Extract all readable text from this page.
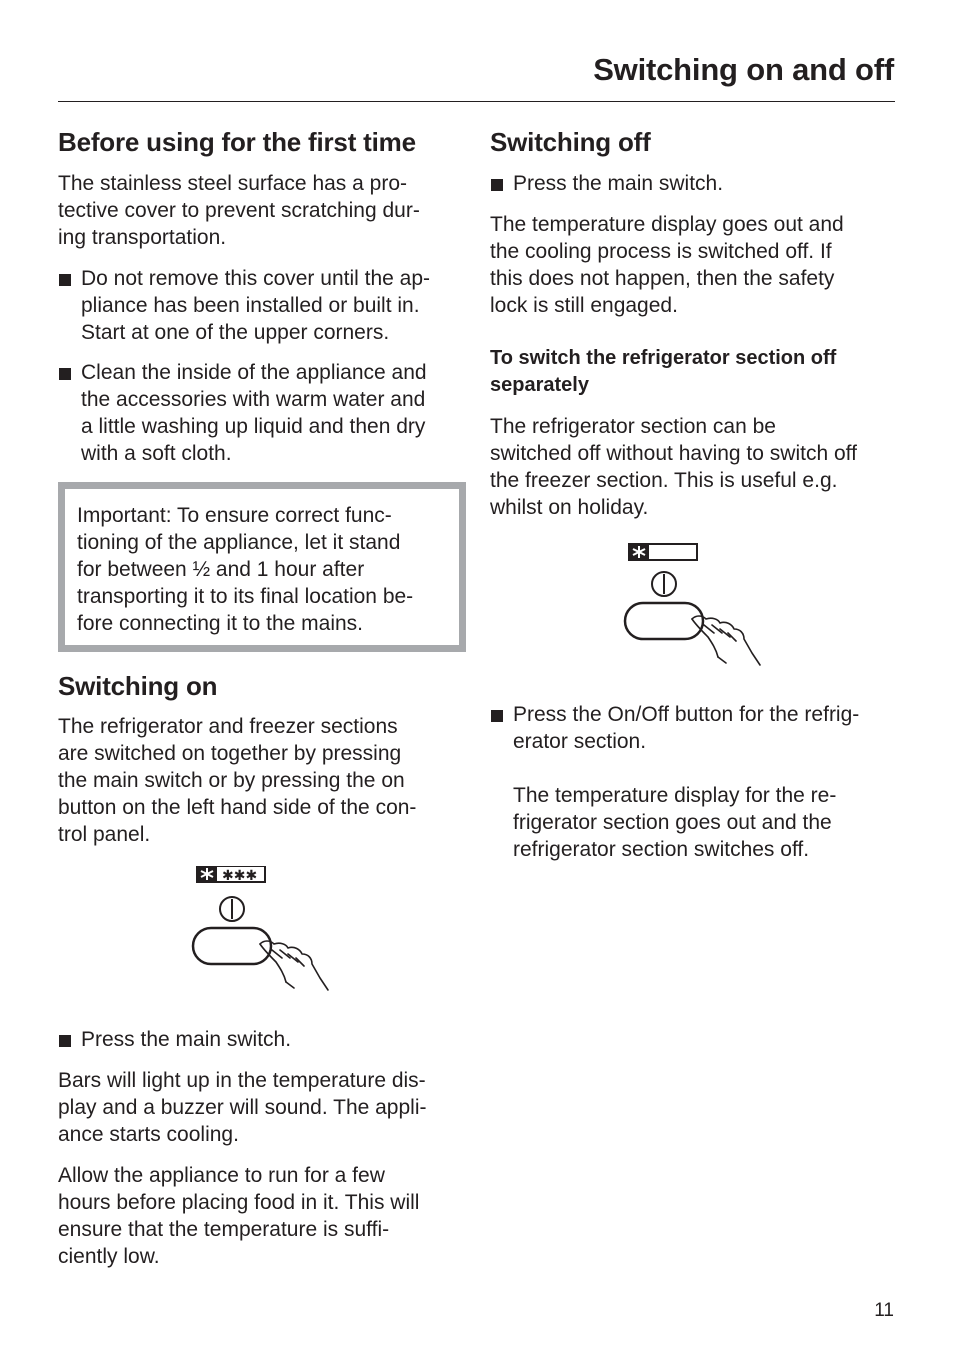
Switching on and off
Before using for the first time

The stainless steel surface has a pro-
tective cover to prevent scratching dur-
ing transportation.

Do not remove this cover until the ap-
pliance has been installed or built in.
Start at one of the upper corners.

Clean the inside of the appliance and
the accessories with warm water and
a little washing up liquid and then dry
with a soft cloth.

Important: To ensure correct func-
tioning of the appliance, let it stand
for between ½ and 1 hour after
transporting it to its final location be-
fore connecting it to the mains.

Switching on

The refrigerator and freezer sections
are switched on together by pressing
the main switch or by pressing the on
button on the left hand side of the con-
trol panel.

✱✱✱

Press the main switch.

Bars will light up in the temperature dis-
play and a buzzer will sound. The appli-
ance starts cooling.

Allow the appliance to run for a few
hours before placing food in it. This will
ensure that the temperature is suffi-
ciently low.

Switching off

Press the main switch.

The temperature display goes out and
the cooling process is switched off. If
this does not happen, then the safety
lock is still engaged.

To switch the refrigerator section off
separately

The refrigerator section can be
switched off without having to switch off
the freezer section. This is useful e.g.
whilst on holiday.

Press the On/Off button for the refrig-
erator section.

The temperature display for the re-
frigerator section goes out and the
refrigerator section switches off.

11
